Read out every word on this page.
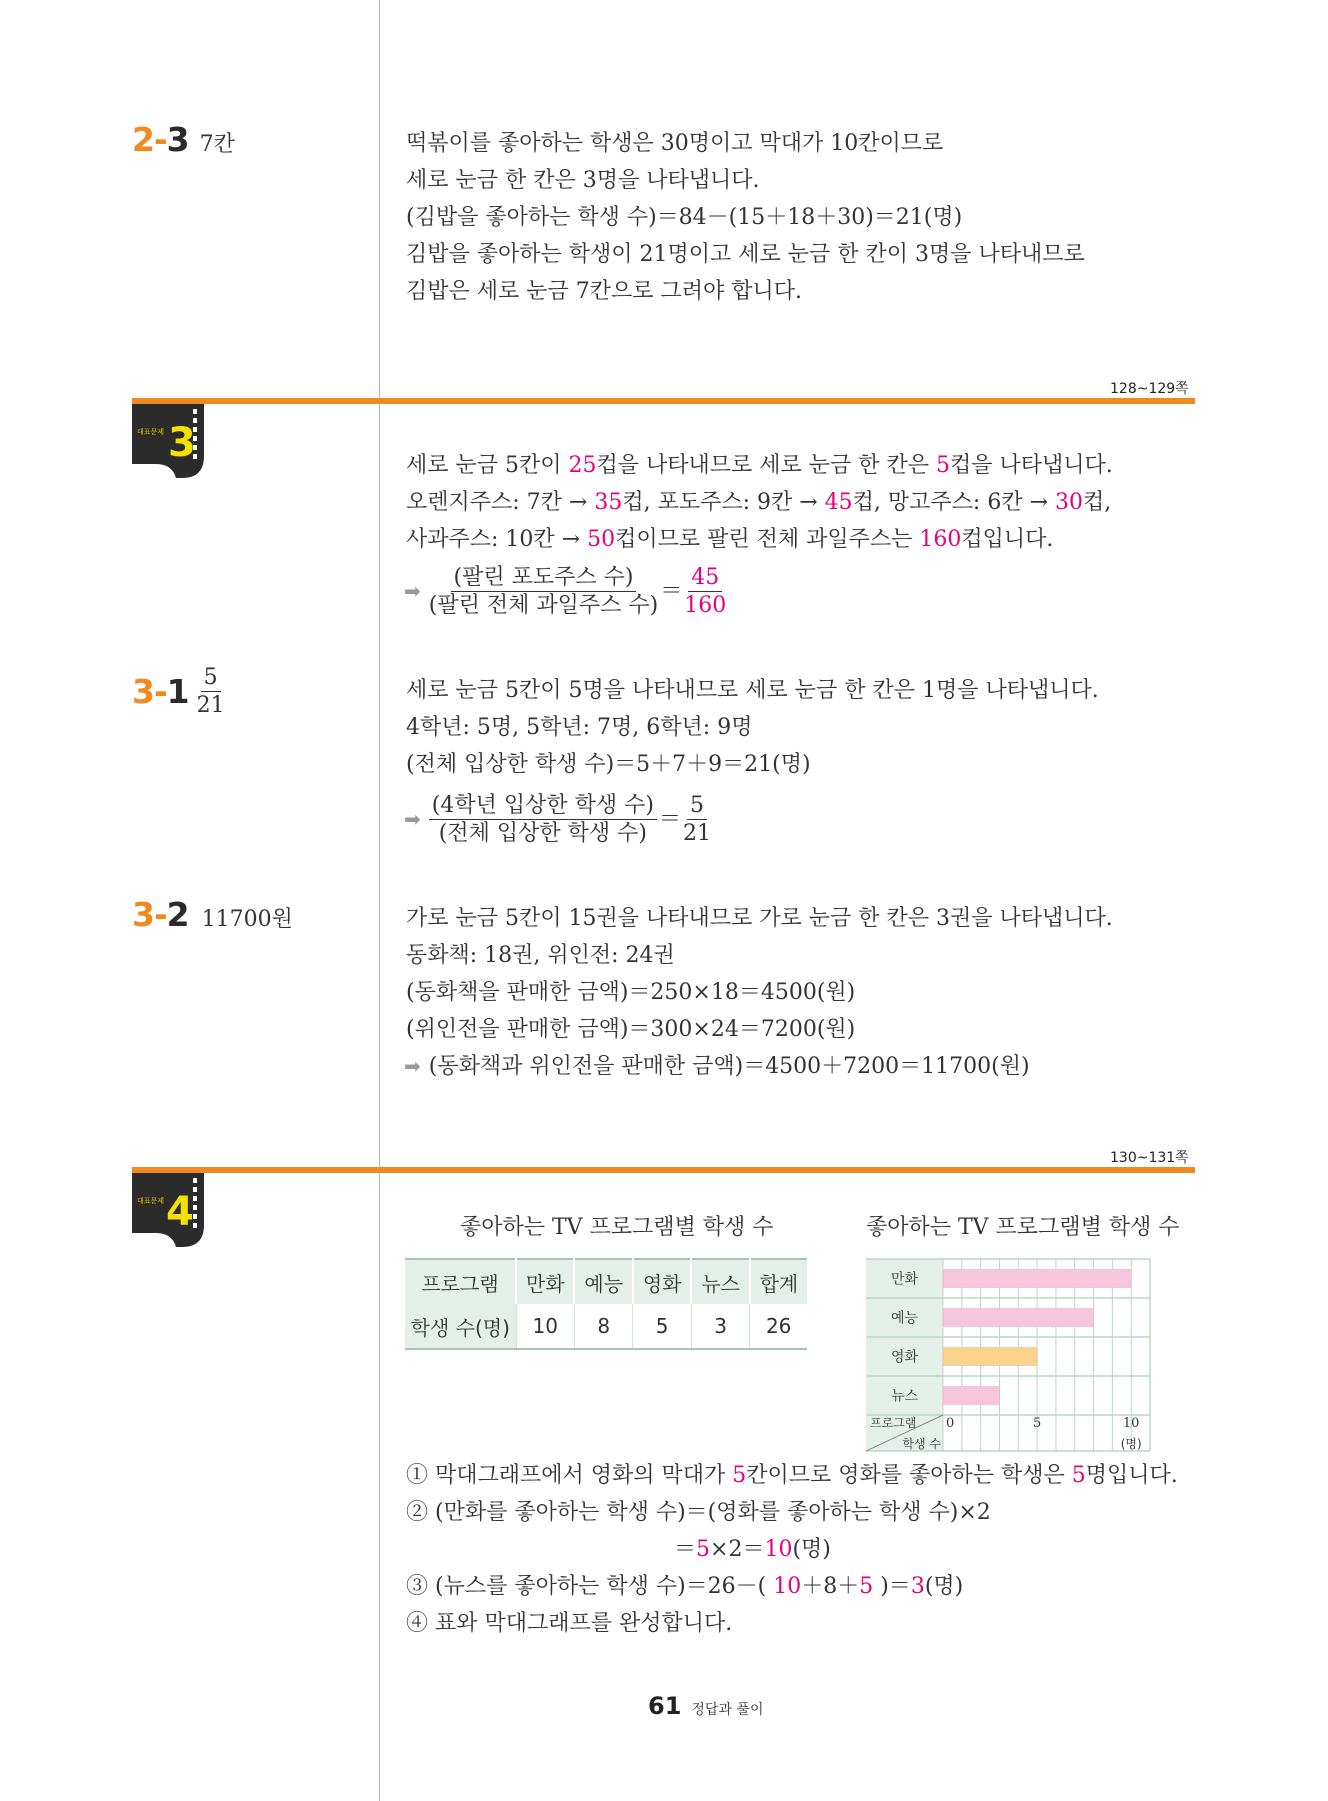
2-3 7칸	떡볶이를 좋아하는 학생은 30명이고 막대가 10칸이므로
세로 눈금 한 칸은 3명을 나타냅니다.
(김밥을 좋아하는 학생 수)＝84－(15＋18＋30)＝21(명)
김밥을 좋아하는 학생이 21명이고 세로 눈금 한 칸이 3명을 나타내므로
김밥은 세로 눈금 7칸으로 그려야 합니다.
128~129쪽
대표문제 3	세로 눈금 5칸이 25컵을 나타내므로 세로 눈금 한 칸은 5컵을 나타냅니다.
오렌지주스: 7칸 → 35컵, 포도주스: 9칸 → 45컵, 망고주스: 6칸 → 30컵,
사과주스: 10칸 → 50컵이므로 팔린 전체 과일주스는 160컵입니다.
➡ $\frac{\text{(팔린 포도주스 수)}}{\text{(팔린 전체 과일주스 수)}} = \frac{45}{160}$
$3 - 1 \frac{5}{21}$	세로 눈금 5칸이 5명을 나타내므로 세로 눈금 한 칸은 1명을 나타냅니다.
4학년: 5명, 5학년: 7명, 6학년: 9명
(전체 입상한 학생 수)＝5＋7＋9＝21(명)
➡ $\frac{\text{(4학년 입상한 학생 수)}}{\text{(전체 입상한 학생 수)}} = \frac{5}{21}$
3-2 11700원	가로 눈금 5칸이 15권을 나타내므로 가로 눈금 한 칸은 3권을 나타냅니다.
동화책: 18권, 위인전: 24권
(동화책을 판매한 금액)＝250×18＝4500(원)
(위인전을 판매한 금액)＝300×24＝7200(원)
➡ (동화책과 위인전을 판매한 금액)＝4500＋7200＝11700(원)
130~131쪽
대표문제 4	좋아하는 TV 프로그램별 학생 수
프로그램	만화	예능	영화	뉴스	합계
학생 수(명)	10	8	5	3	26
좋아하는 TV 프로그램별 학생 수
만화
예능
영화
뉴스
프로그램
학생 수
0	5	10
(명)
① 막대그래프에서 영화의 막대가 5칸이므로 영화를 좋아하는 학생은 5명입니다.
② (만화를 좋아하는 학생 수)＝(영화를 좋아하는 학생 수)×2
＝5×2＝10(명)
③ (뉴스를 좋아하는 학생 수)＝26－( 10＋8＋5 )＝3(명)
④ 표와 막대그래프를 완성합니다.
61 정답과 풀이
